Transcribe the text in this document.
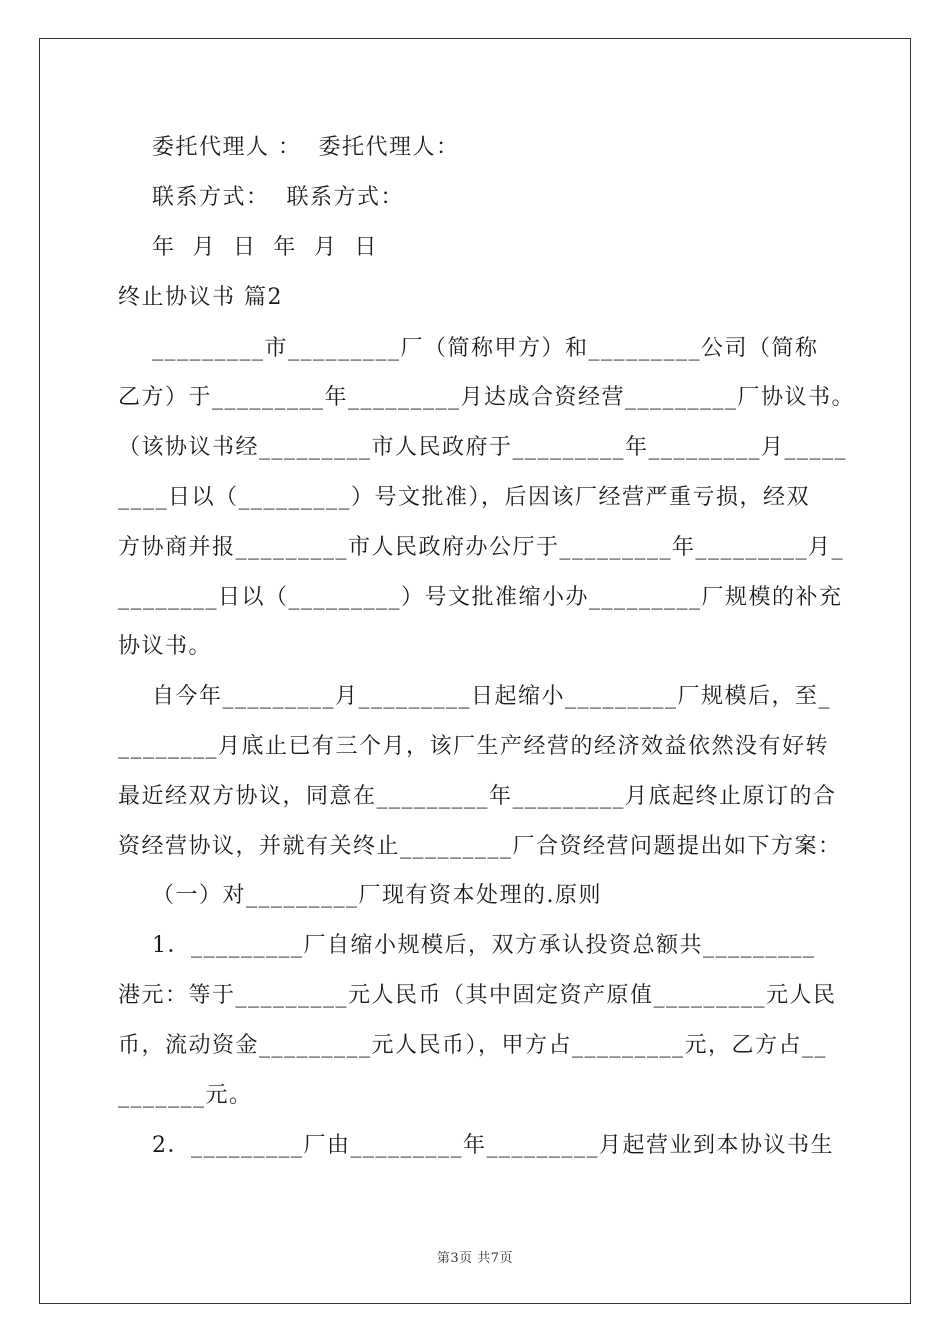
委托代理人 ：  委托代理人：
联系方式：  联系方式：
年  月  日  年  月  日
终止协议书 篇2
_________市_________厂（简称甲方）和_________公司（简称
乙方）于_________年_________月达成合资经营_________厂协议书。
（该协议书经_________市人民政府于_________年_________月_____
____日以（_________）号文批准），后因该厂经营严重亏损，经双
方协商并报_________市人民政府办公厅于_________年_________月_
________日以（_________）号文批准缩小办_________厂规模的补充
协议书。
自今年_________月_________日起缩小_________厂规模后，至_
________月底止已有三个月，该厂生产经营的经济效益依然没有好转
最近经双方协议，同意在_________年_________月底起终止原订的合
资经营协议，并就有关终止_________厂合资经营问题提出如下方案：
（一）对_________厂现有资本处理的.原则
1．_________厂自缩小规模后，双方承认投资总额共_________
港元：等于_________元人民币（其中固定资产原值_________元人民
币，流动资金_________元人民币），甲方占_________元，乙方占__
_______元。
2．_________厂由_________年_________月起营业到本协议书生
第3页 共7页
